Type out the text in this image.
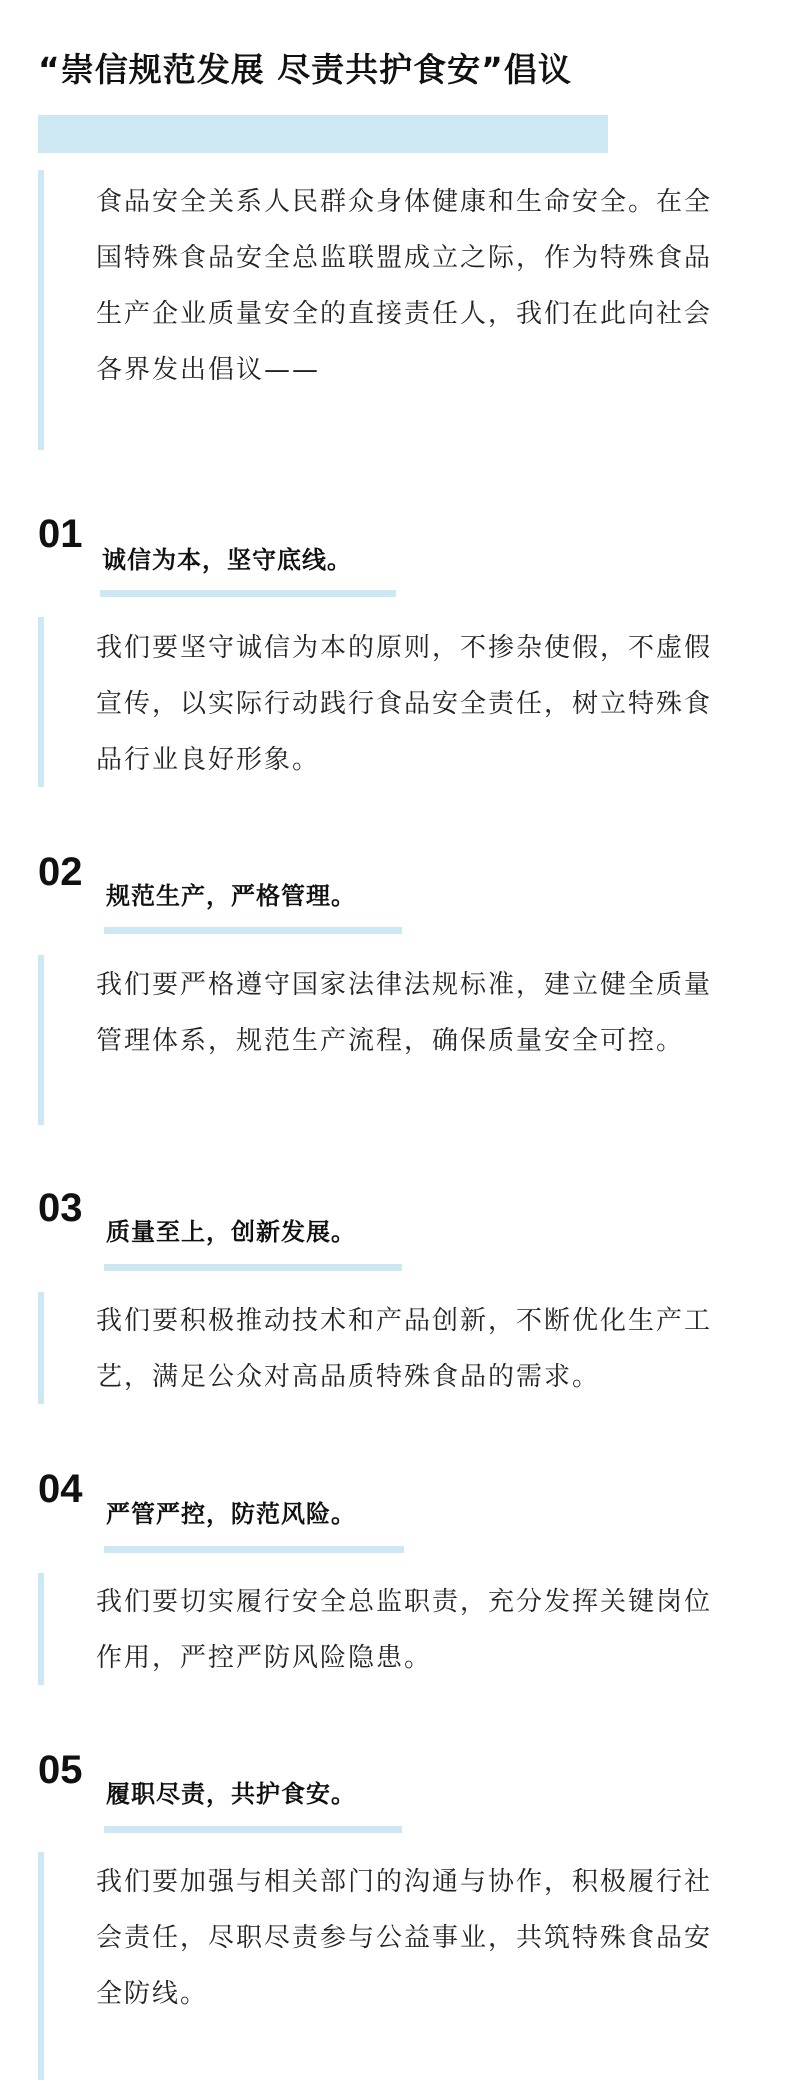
“崇信规范发展 尽责共护食安”倡议

食品安全关系人民群众身体健康和生命安全。在全国特殊食品安全总监联盟成立之际，作为特殊食品生产企业质量安全的直接责任人，我们在此向社会各界发出倡议——

01
诚信为本，坚守底线。

我们要坚守诚信为本的原则，不掺杂使假，不虚假宣传，以实际行动践行食品安全责任，树立特殊食品行业良好形象。

02
规范生产，严格管理。

我们要严格遵守国家法律法规标准，建立健全质量管理体系，规范生产流程，确保质量安全可控。

03
质量至上，创新发展。

我们要积极推动技术和产品创新，不断优化生产工艺，满足公众对高品质特殊食品的需求。

04
严管严控，防范风险。

我们要切实履行安全总监职责，充分发挥关键岗位作用，严控严防风险隐患。

05
履职尽责，共护食安。

我们要加强与相关部门的沟通与协作，积极履行社会责任，尽职尽责参与公益事业，共筑特殊食品安全防线。
